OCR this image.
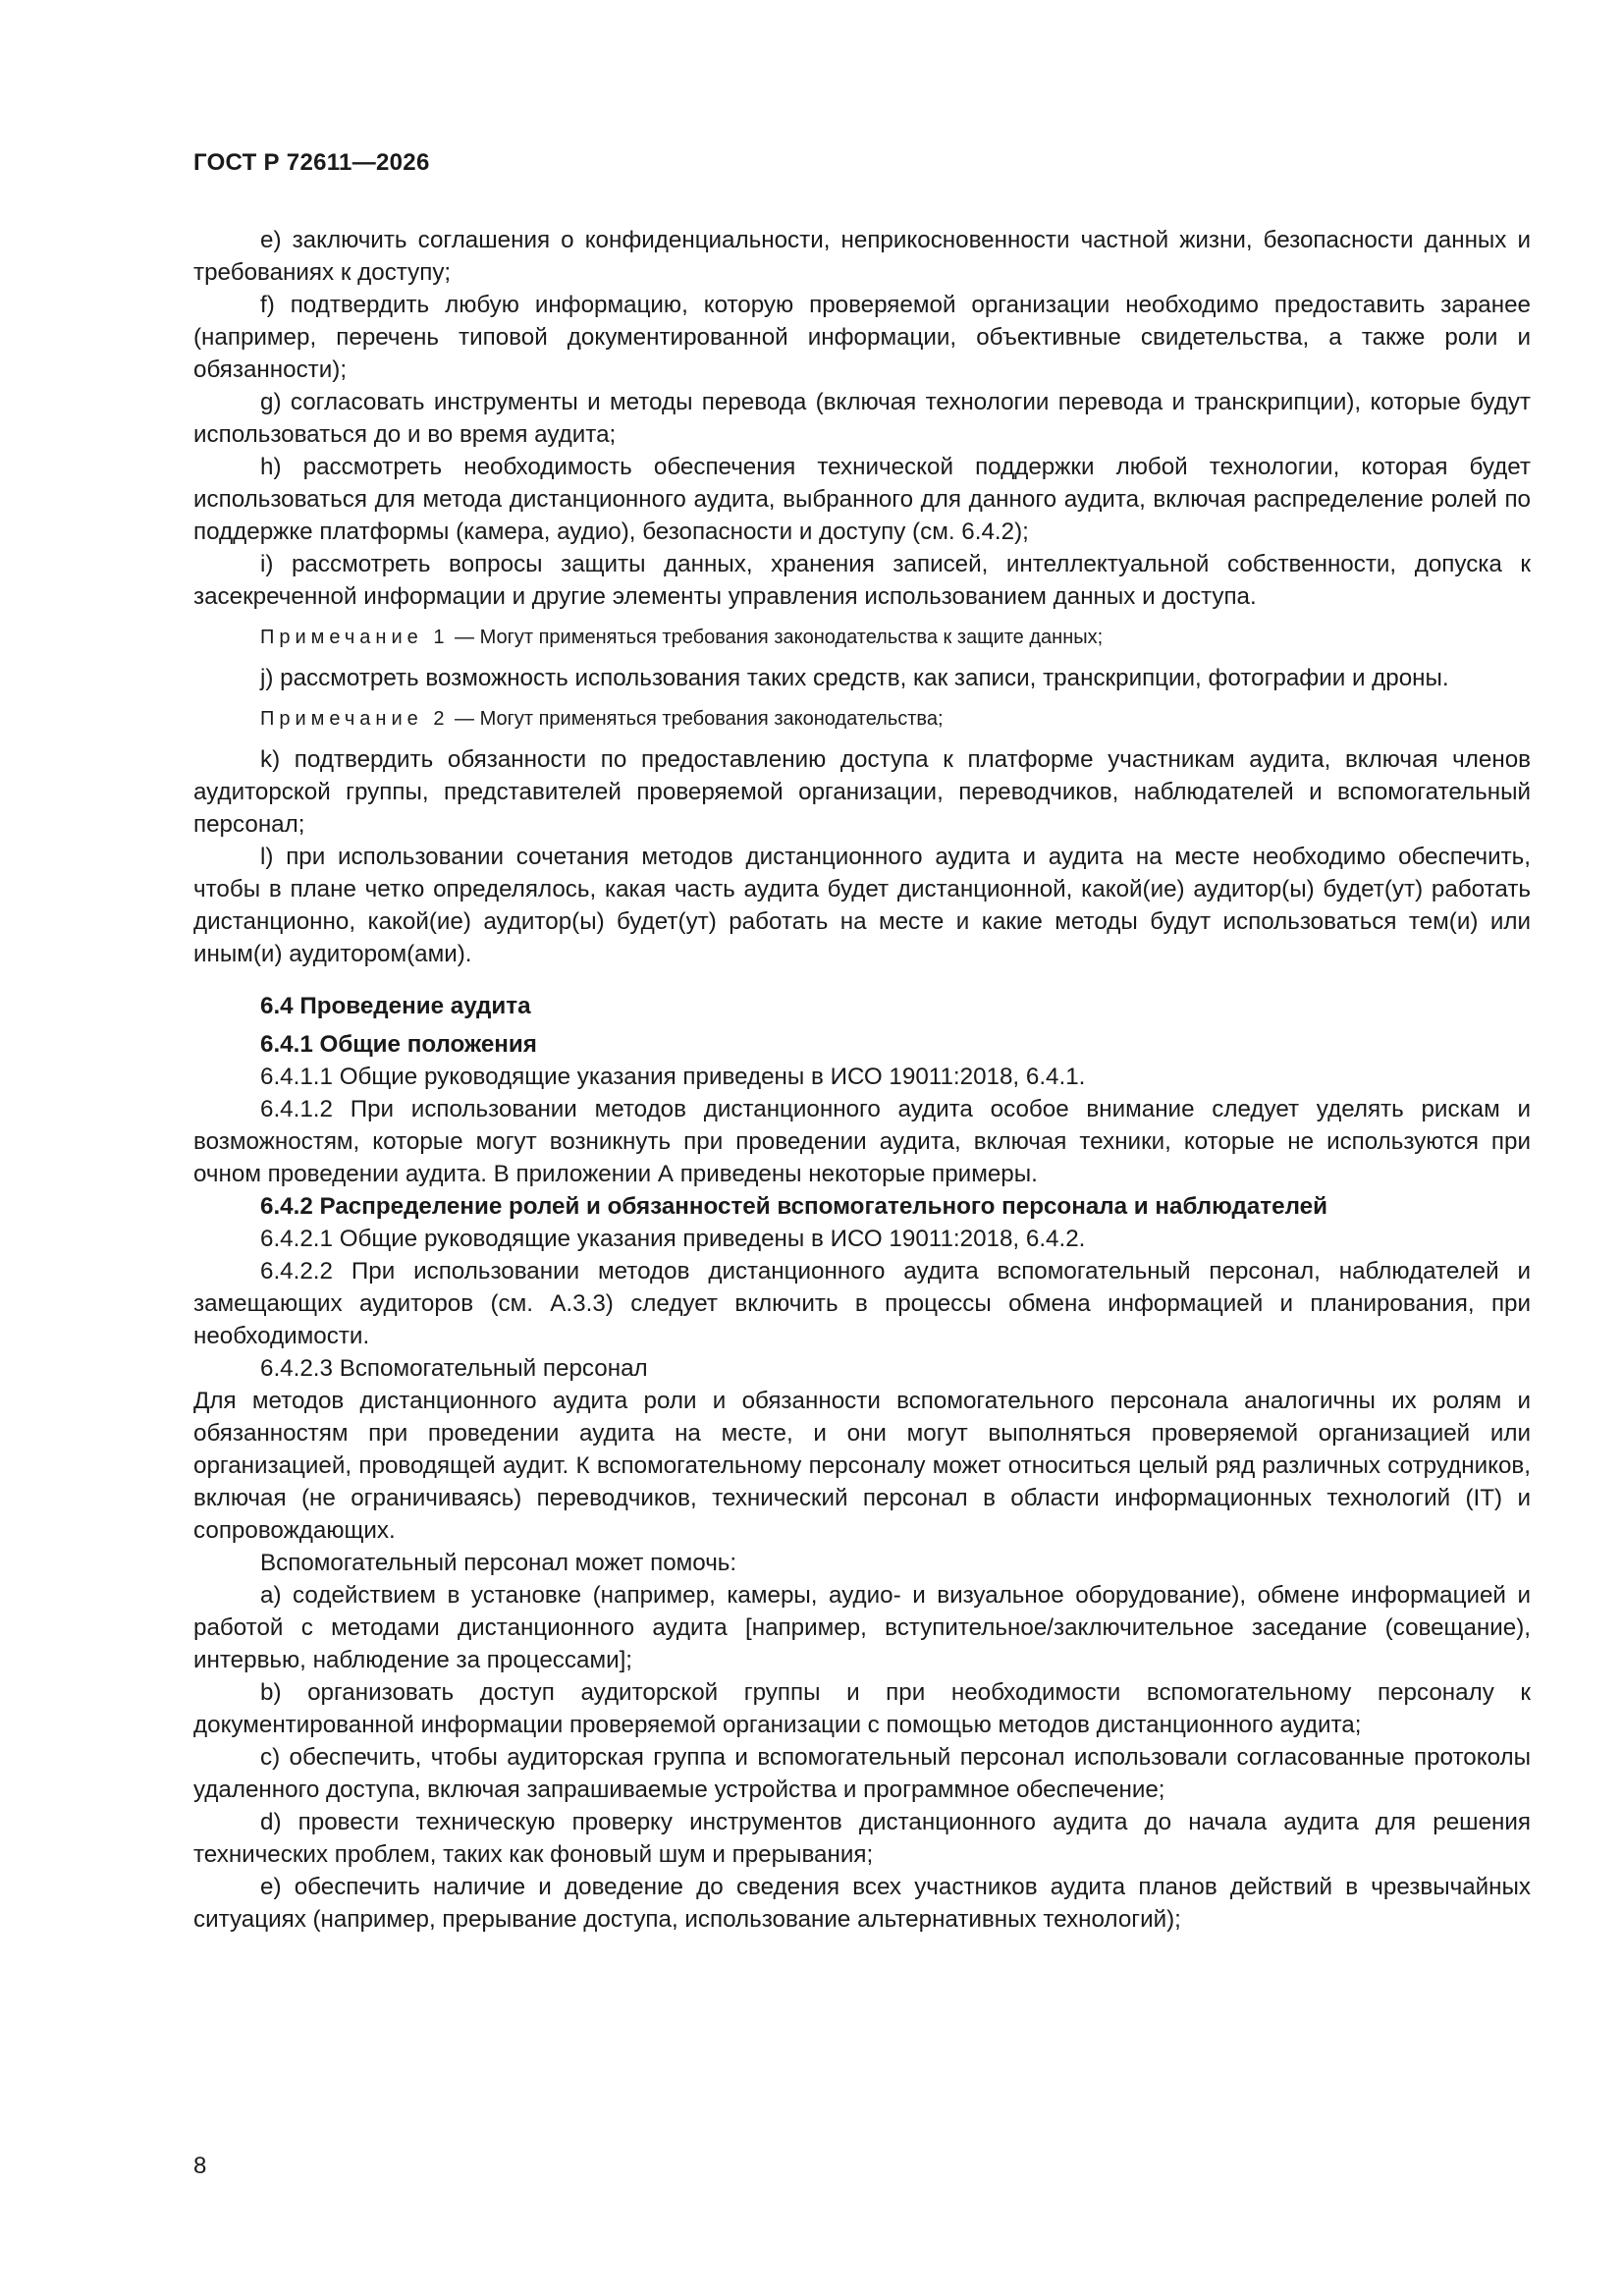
ГОСТ Р 72611—2026

е) заключить соглашения о конфиденциальности, неприкосновенности частной жизни, безопасности данных и требованиях к доступу;

f) подтвердить любую информацию, которую проверяемой организации необходимо предоставить заранее (например, перечень типовой документированной информации, объективные свидетельства, а также роли и обязанности);

g) согласовать инструменты и методы перевода (включая технологии перевода и транскрипции), которые будут использоваться до и во время аудита;

h) рассмотреть необходимость обеспечения технической поддержки любой технологии, которая будет использоваться для метода дистанционного аудита, выбранного для данного аудита, включая распределение ролей по поддержке платформы (камера, аудио), безопасности и доступу (см. 6.4.2);

i) рассмотреть вопросы защиты данных, хранения записей, интеллектуальной собственности, допуска к засекреченной информации и другие элементы управления использованием данных и доступа.

Примечание 1 — Могут применяться требования законодательства к защите данных;

j) рассмотреть возможность использования таких средств, как записи, транскрипции, фотографии и дроны.

Примечание 2 — Могут применяться требования законодательства;

k) подтвердить обязанности по предоставлению доступа к платформе участникам аудита, включая членов аудиторской группы, представителей проверяемой организации, переводчиков, наблюдателей и вспомогательный персонал;

l) при использовании сочетания методов дистанционного аудита и аудита на месте необходимо обеспечить, чтобы в плане четко определялось, какая часть аудита будет дистанционной, какой(ие) аудитор(ы) будет(ут) работать дистанционно, какой(ие) аудитор(ы) будет(ут) работать на месте и какие методы будут использоваться тем(и) или иным(и) аудитором(ами).

6.4 Проведение аудита

6.4.1 Общие положения

6.4.1.1 Общие руководящие указания приведены в ИСО 19011:2018, 6.4.1.

6.4.1.2 При использовании методов дистанционного аудита особое внимание следует уделять рискам и возможностям, которые могут возникнуть при проведении аудита, включая техники, которые не используются при очном проведении аудита. В приложении А приведены некоторые примеры.

6.4.2 Распределение ролей и обязанностей вспомогательного персонала и наблюдателей

6.4.2.1 Общие руководящие указания приведены в ИСО 19011:2018, 6.4.2.

6.4.2.2 При использовании методов дистанционного аудита вспомогательный персонал, наблюдателей и замещающих аудиторов (см. А.3.3) следует включить в процессы обмена информацией и планирования, при необходимости.

6.4.2.3 Вспомогательный персонал

Для методов дистанционного аудита роли и обязанности вспомогательного персонала аналогичны их ролям и обязанностям при проведении аудита на месте, и они могут выполняться проверяемой организацией или организацией, проводящей аудит. К вспомогательному персоналу может относиться целый ряд различных сотрудников, включая (не ограничиваясь) переводчиков, технический персонал в области информационных технологий (IT) и сопровождающих.

Вспомогательный персонал может помочь:

a) содействием в установке (например, камеры, аудио- и визуальное оборудование), обмене информацией и работой с методами дистанционного аудита [например, вступительное/заключительное заседание (совещание), интервью, наблюдение за процессами];

b) организовать доступ аудиторской группы и при необходимости вспомогательному персоналу к документированной информации проверяемой организации с помощью методов дистанционного аудита;

c) обеспечить, чтобы аудиторская группа и вспомогательный персонал использовали согласованные протоколы удаленного доступа, включая запрашиваемые устройства и программное обеспечение;

d) провести техническую проверку инструментов дистанционного аудита до начала аудита для решения технических проблем, таких как фоновый шум и прерывания;

е) обеспечить наличие и доведение до сведения всех участников аудита планов действий в чрезвычайных ситуациях (например, прерывание доступа, использование альтернативных технологий);

8
